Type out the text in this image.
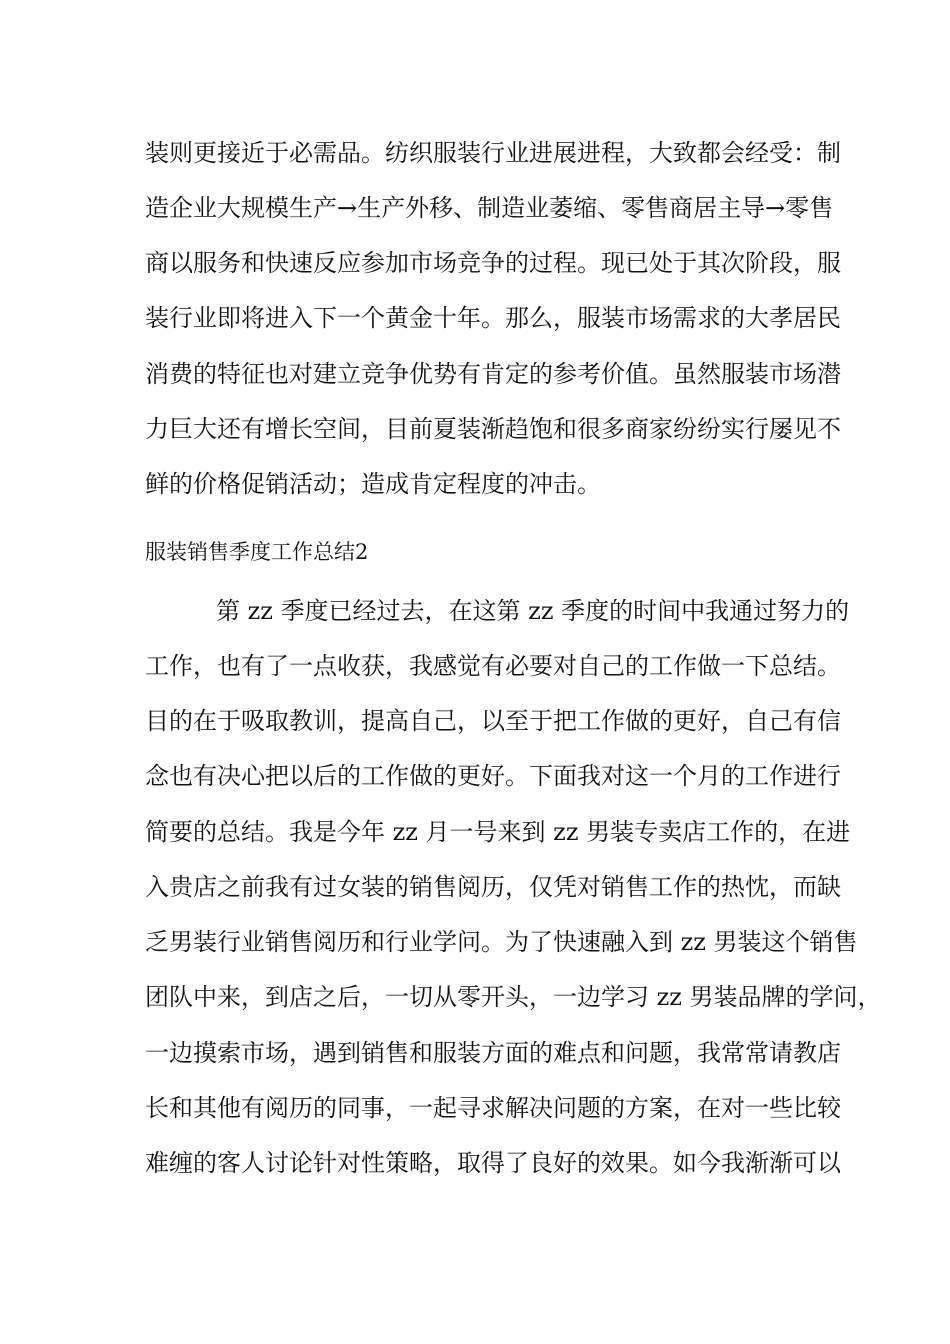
装则更接近于必需品。纺织服装行业进展进程，大致都会经受：制
造企业大规模生产→生产外移、制造业萎缩、零售商居主导→零售
商以服务和快速反应参加市场竞争的过程。现已处于其次阶段，服
装行业即将进入下一个黄金十年。那么，服装市场需求的大孝居民
消费的特征也对建立竞争优势有肯定的参考价值。虽然服装市场潜
力巨大还有增长空间，目前夏装渐趋饱和很多商家纷纷实行屡见不
鲜的价格促销活动；造成肯定程度的冲击。
服装销售季度工作总结2
第 zz 季度已经过去，在这第 zz 季度的时间中我通过努力的
工作，也有了一点收获，我感觉有必要对自己的工作做一下总结。
目的在于吸取教训，提高自己，以至于把工作做的更好，自己有信
念也有决心把以后的工作做的更好。下面我对这一个月的工作进行
简要的总结。我是今年 zz 月一号来到 zz 男装专卖店工作的，在进
入贵店之前我有过女装的销售阅历，仅凭对销售工作的热忱，而缺
乏男装行业销售阅历和行业学问。为了快速融入到 zz 男装这个销售
团队中来，到店之后，一切从零开头，一边学习 zz 男装品牌的学问，
一边摸索市场，遇到销售和服装方面的难点和问题，我常常请教店
长和其他有阅历的同事，一起寻求解决问题的方案，在对一些比较
难缠的客人讨论针对性策略，取得了良好的效果。如今我渐渐可以
